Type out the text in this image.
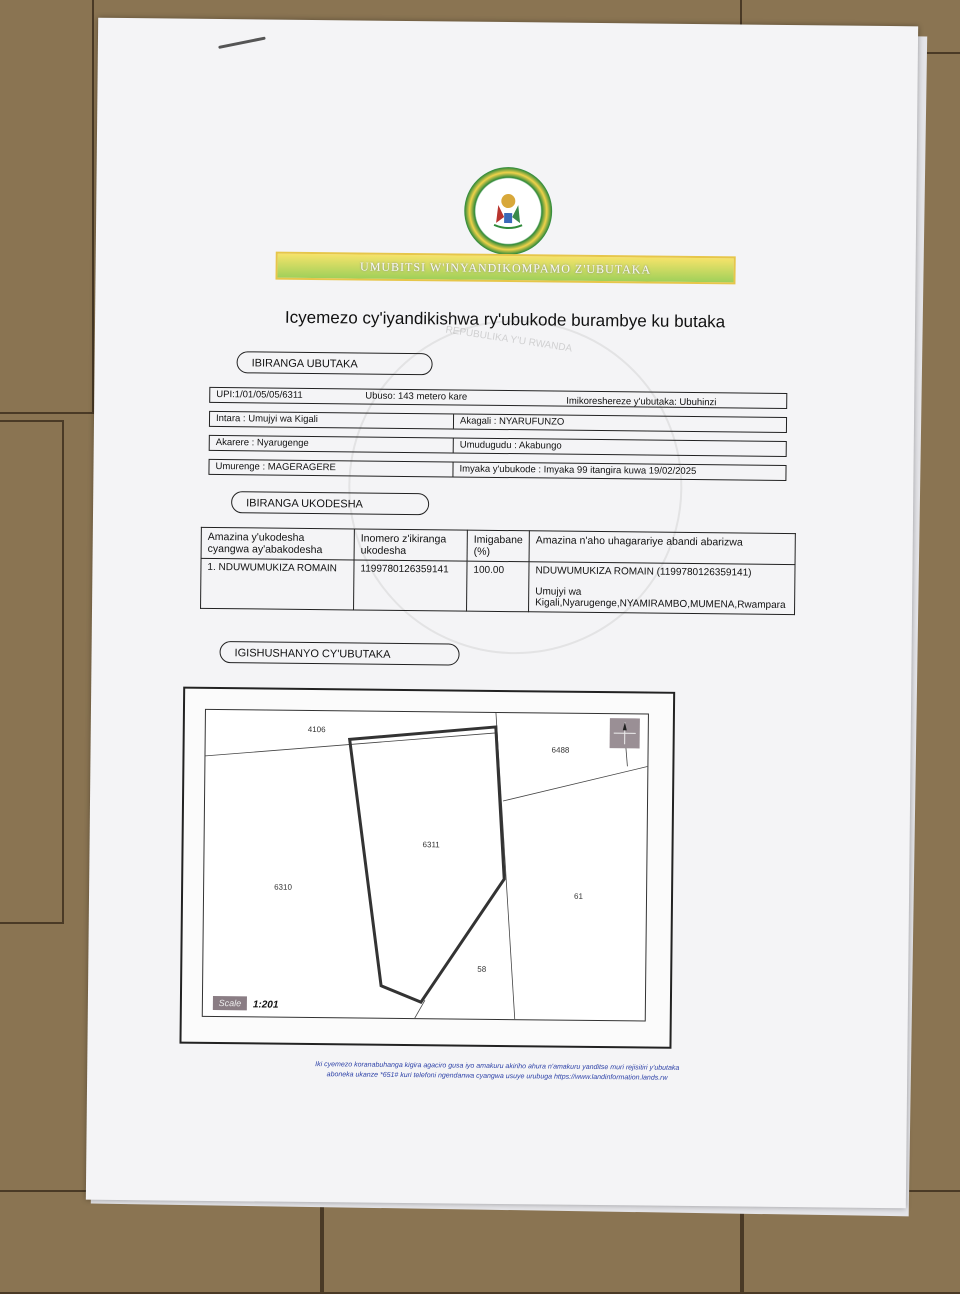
REPUBULIKA Y'U RWANDA
UMUBITSI W'INYANDIKOMPAMO Z'UBUTAKA
Icyemezo cy'iyandikishwa ry'ubukode burambye ku butaka
IBIRANGA UBUTAKA
UPI:1/01/05/05/6311	Ubuso: 143 metero kare	Imikoreshereze y'ubutaka: Ubuhinzi
Intara : Umujyi wa Kigali	Akagali : NYARUFUNZO
Akarere : Nyarugenge	Umudugudu : Akabungo
Umurenge : MAGERAGERE	Imyaka y'ubukode : Imyaka 99 itangira kuwa 19/02/2025
IBIRANGA UKODESHA
Amazina y'ukodesha cyangwa ay'abakodesha	Inomero z'ikiranga ukodesha	Imigabane (%)	Amazina n'aho uhagarariye abandi abarizwa
1. NDUWUMUKIZA ROMAIN	1199780126359141	100.00	NDUWUMUKIZA ROMAIN (1199780126359141)
Umujyi wa Kigali,Nyarugenge,NYAMIRAMBO,MUMENA,Rwampara
IGISHUSHANYO CY'UBUTAKA
4106
6488
6311
6310
61
58
Scale	1:201
Iki cyemezo koranabuhanga kigira agaciro gusa iyo amakuru akiriho ahura n'amakuru yanditse muri rejisitiri y'ubutaka
aboneka ukanze *651# kuri telefoni ngendanwa cyangwa usuye urubuga https://www.landinformation.lands.rw
